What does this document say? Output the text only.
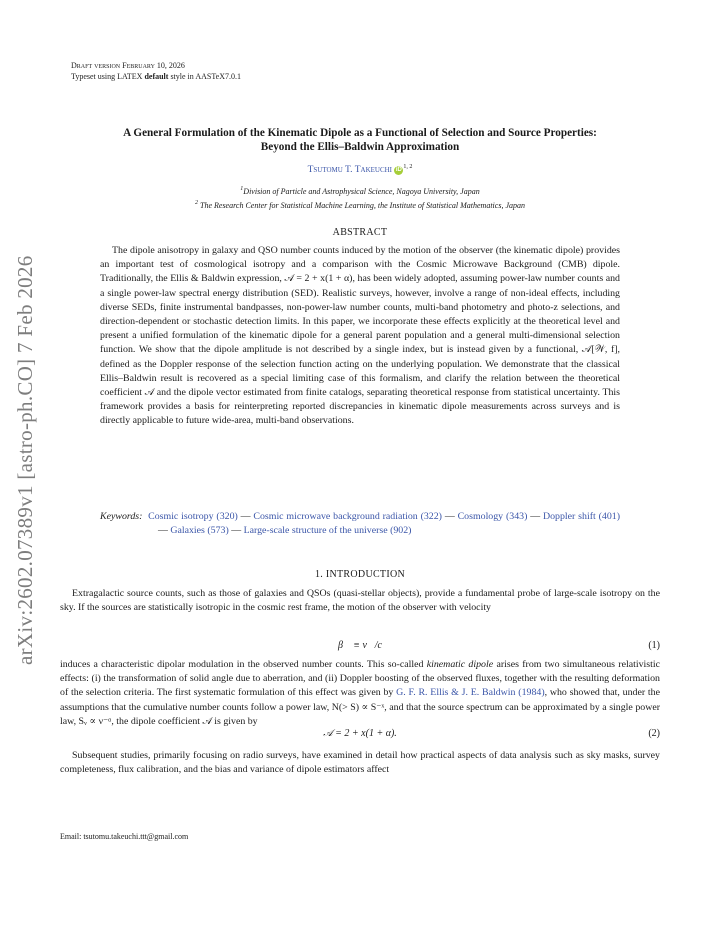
arXiv:2602.07389v1 [astro-ph.CO] 7 Feb 2026
Draft version February 10, 2026
Typeset using LATEX default style in AASTeX7.0.1
A General Formulation of the Kinematic Dipole as a Functional of Selection and Source Properties:
Beyond the Ellis–Baldwin Approximation
Tsutomu T. Takeuchi iD $^{1, 2}$
$^1$Division of Particle and Astrophysical Science, Nagoya University, Japan
$^2$ The Research Center for Statistical Machine Learning, the Institute of Statistical Mathematics, Japan
ABSTRACT
The dipole anisotropy in galaxy and QSO number counts induced by the motion of the observer (the kinematic dipole) provides an important test of cosmological isotropy and a comparison with the Cosmic Microwave Background (CMB) dipole. Traditionally, the Ellis & Baldwin expression, 𝒜 = 2 + x(1 + α), has been widely adopted, assuming power-law number counts and a single power-law spectral energy distribution (SED). Realistic surveys, however, involve a range of non-ideal effects, including diverse SEDs, finite instrumental bandpasses, non-power-law number counts, multi-band photometry and photo-z selections, and direction-dependent or stochastic detection limits. In this paper, we incorporate these effects explicitly at the theoretical level and present a unified formulation of the kinematic dipole for a general parent population and a general multi-dimensional selection function. We show that the dipole amplitude is not described by a single index, but is instead given by a functional, 𝒜[𝒲, f], defined as the Doppler response of the selection function acting on the underlying population. We demonstrate that the classical Ellis–Baldwin result is recovered as a special limiting case of this formalism, and clarify the relation between the theoretical coefficient 𝒜 and the dipole vector estimated from finite catalogs, separating theoretical response from statistical uncertainty. This framework provides a basis for reinterpreting reported discrepancies in kinematic dipole measurements across surveys and is directly applicable to future wide-area, multi-band observations.
Keywords: Cosmic isotropy (320) — Cosmic microwave background radiation (322) — Cosmology (343) — Doppler shift (401) — Galaxies (573) — Large-scale structure of the universe (902)
1. INTRODUCTION
Extragalactic source counts, such as those of galaxies and QSOs (quasi-stellar objects), provide a fundamental probe of large-scale isotropy on the sky. If the sources are statistically isotropic in the cosmic rest frame, the motion of the observer with velocity
β⃗ ≡ v⃗/c	(1)
induces a characteristic dipolar modulation in the observed number counts. This so-called kinematic dipole arises from two simultaneous relativistic effects: (i) the transformation of solid angle due to aberration, and (ii) Doppler boosting of the observed fluxes, together with the resulting deformation of the selection criteria. The first systematic formulation of this effect was given by G. F. R. Ellis & J. E. Baldwin (1984), who showed that, under the assumptions that the cumulative number counts follow a power law, N(> S) ∝ S⁻ˣ, and that the source spectrum can be approximated by a single power law, Sᵥ ∝ ν⁻ᵅ, the dipole coefficient 𝒜 is given by
𝒜 = 2 + x(1 + α).	(2)
Subsequent studies, primarily focusing on radio surveys, have examined in detail how practical aspects of data analysis such as sky masks, survey completeness, flux calibration, and the bias and variance of dipole estimators affect
Email: tsutomu.takeuchi.ttt@gmail.com
